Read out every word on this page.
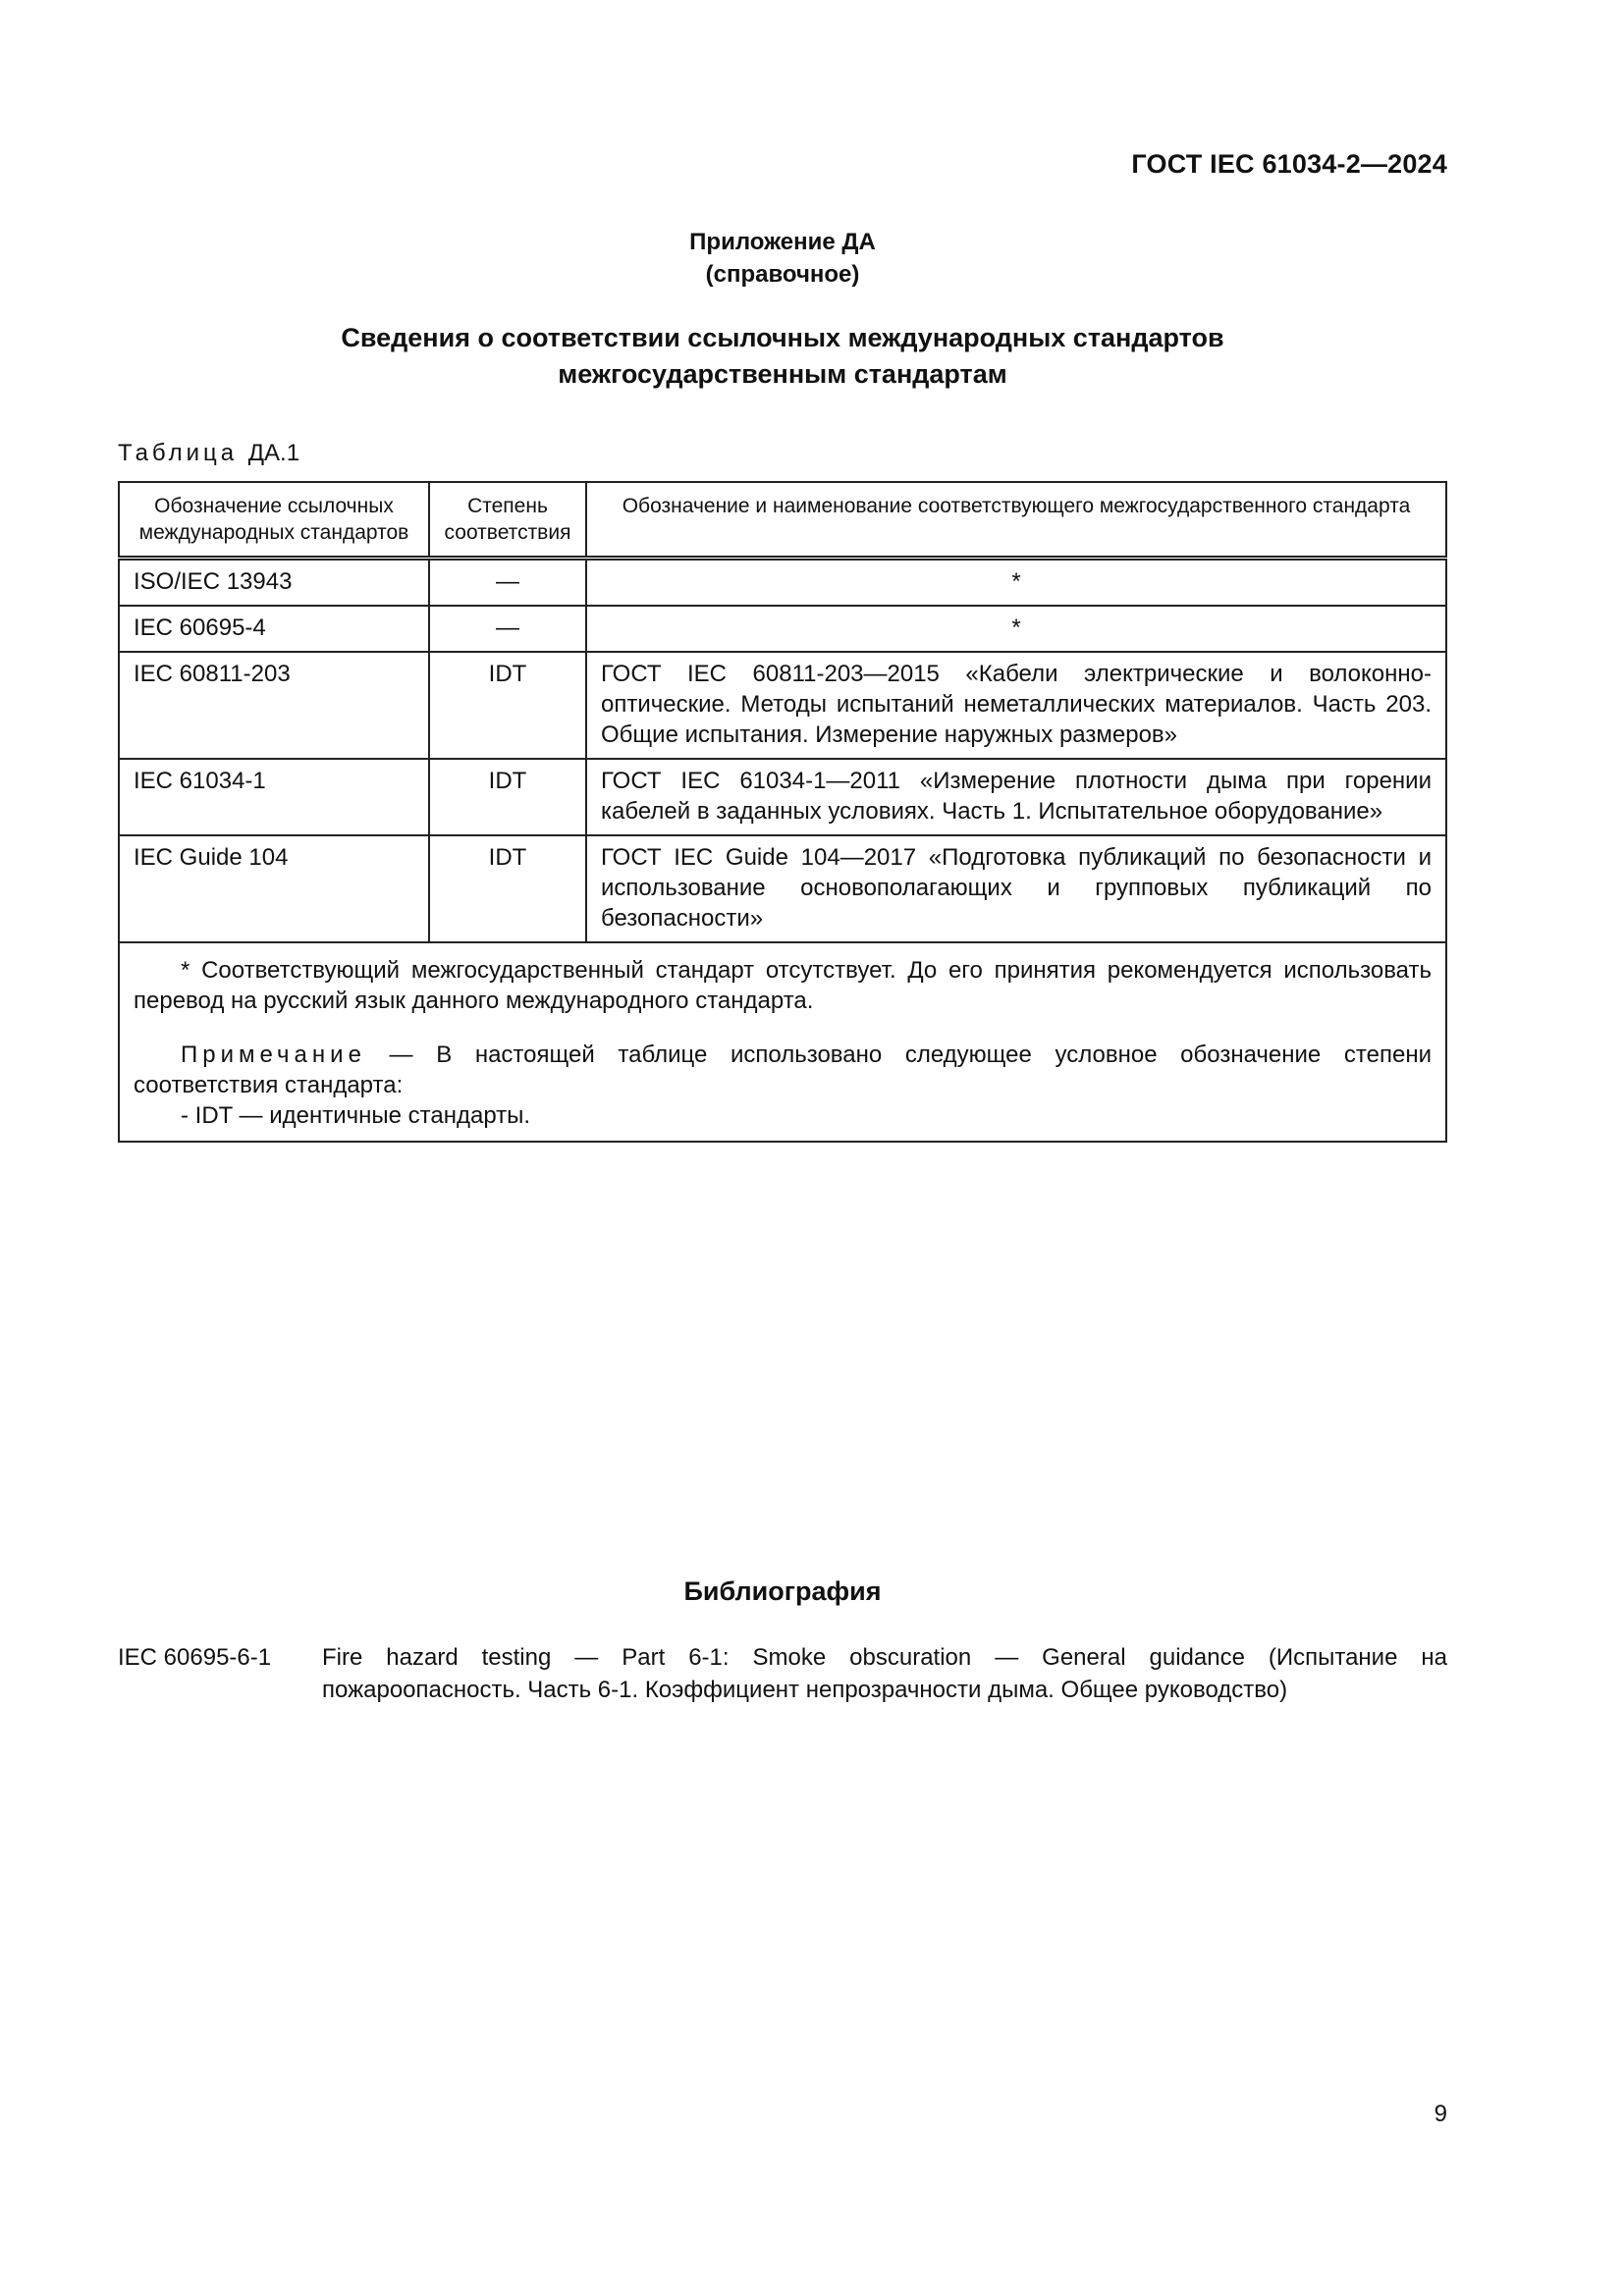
ГОСТ IEC 61034-2—2024
Приложение ДА
(справочное)
Сведения о соответствии ссылочных международных стандартов
межгосударственным стандартам
Таблица ДА.1
Обозначение ссылочных международных стандартов	Степень соответствия	Обозначение и наименование соответствующего межгосударственного стандарта
ISO/IEC 13943	—	*
IEC 60695-4	—	*
IEC 60811-203	IDT	ГОСТ IEC 60811-203—2015 «Кабели электрические и волоконно-оптические. Методы испытаний неметаллических материалов. Часть 203. Общие испытания. Измерение наружных размеров»
IEC 61034-1	IDT	ГОСТ IEC 61034-1—2011 «Измерение плотности дыма при горении кабелей в заданных условиях. Часть 1. Испытательное оборудование»
IEC Guide 104	IDT	ГОСТ IEC Guide 104—2017 «Подготовка публикаций по безопасности и использование основополагающих и групповых публикаций по безопасности»

* Соответствующий межгосударственный стандарт отсутствует. До его принятия рекомендуется использовать перевод на русский язык данного международного стандарта.

Примечание — В настоящей таблице использовано следующее условное обозначение степени соответствия стандарта:

- IDT — идентичные стандарты.		

Библиография
IEC 60695-6-1	Fire hazard testing — Part 6-1: Smoke obscuration — General guidance (Испытание на пожароопасность. Часть 6-1. Коэффициент непрозрачности дыма. Общее руководство)
9
